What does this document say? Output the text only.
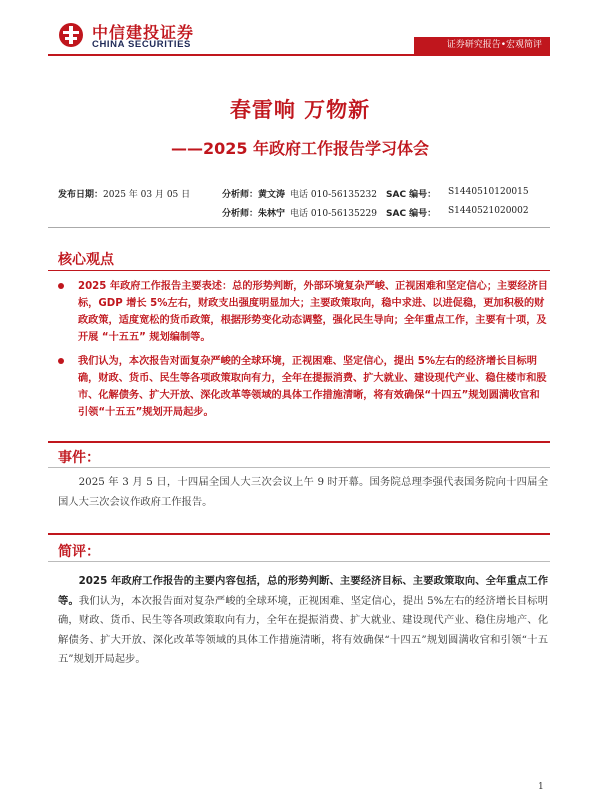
中信建投证券
CHINA SECURITIES	证券研究报告•宏观简评
春雷响 万物新
——2025 年政府工作报告学习体会
发布日期：2025 年 03 月 05 日	分析师：黄文涛 电话 010-56135232 SAC 编号： S1440510120015
分析师：朱林宁 电话 010-56135229 SAC 编号： S1440521020002
核心观点
2025 年政府工作报告主要表述：总的形势判断，外部环境复杂严峻、正视困难和坚定信心；主要经济目标，GDP 增长 5%左右，财政支出强度明显加大；主要政策取向，稳中求进、以进促稳，更加积极的财政政策，适度宽松的货币政策，根据形势变化动态调整，强化民生导向；全年重点工作，主要有十项，及开展 “十五五” 规划编制等。
我们认为，本次报告对面复杂严峻的全球环境，正视困难、坚定信心，提出 5%左右的经济增长目标明确，财政、货币、民生等各项政策取向有力，全年在提振消费、扩大就业、建设现代产业、稳住楼市和股市、化解债务、扩大开放、深化改革等领域的具体工作措施清晰，将有效确保“十四五”规划圆满收官和引领“十五五”规划开局起步。
事件：
2025 年 3 月 5 日，十四届全国人大三次会议上午 9 时开幕。国务院总理李强代表国务院向十四届全国人大三次会议作政府工作报告。
简评：
2025 年政府工作报告的主要内容包括，总的形势判断、主要经济目标、主要政策取向、全年重点工作等。我们认为，本次报告面对复杂严峻的全球环境，正视困难、坚定信心，提出 5%左右的经济增长目标明确，财政、货币、民生等各项政策取向有力，全年在提振消费、扩大就业、建设现代产业、稳住房地产、化解债务、扩大开放、深化改革等领域的具体工作措施清晰，将有效确保“十四五”规划圆满收官和引领“十五五”规划开局起步。
1
